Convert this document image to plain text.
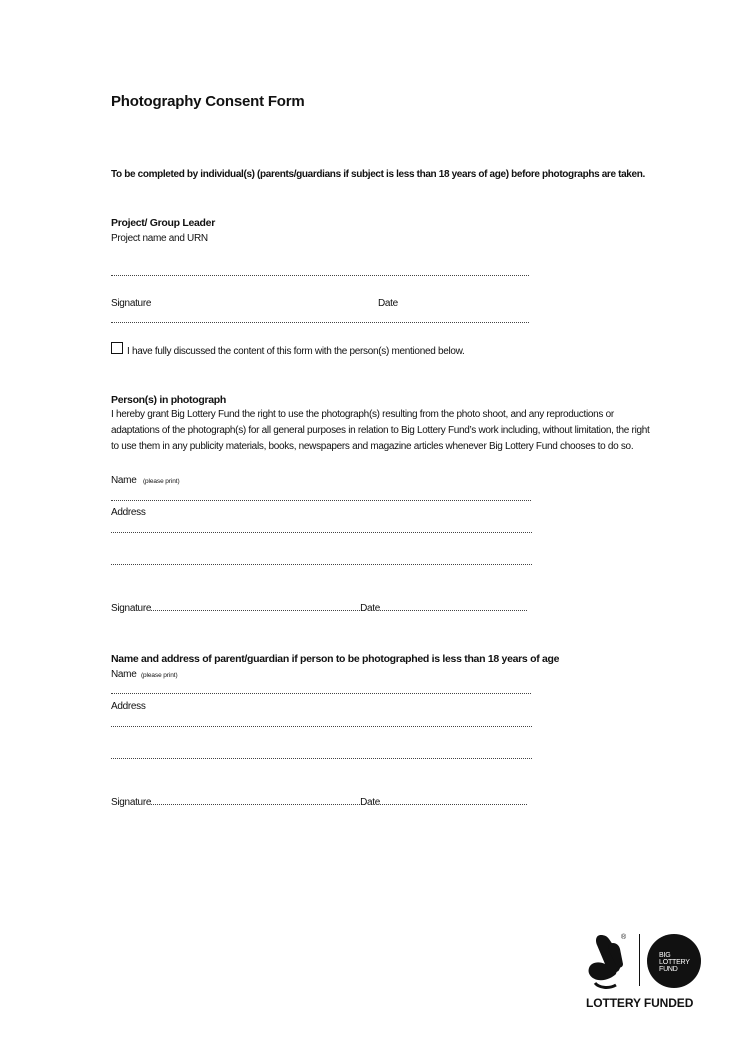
Photography Consent Form
To be completed by individual(s) (parents/guardians if subject is less than 18 years of age) before photographs are taken.
Project/ Group Leader
Project name and URN
Signature	Date
I have fully discussed the content of this form with the person(s) mentioned below.
Person(s) in photograph
I hereby grant Big Lottery Fund the right to use the photograph(s) resulting from the photo shoot, and any reproductions or
adaptations of the photograph(s) for all general purposes in relation to Big Lottery Fund’s work including, without limitation, the right
to use them in any publicity materials, books, newspapers and magazine articles whenever Big Lottery Fund chooses to do so.
Name (please print)
Address
Signature	Date
Name and address of parent/guardian if person to be photographed is less than 18 years of age
Name (please print)
Address
Signature	Date
®
BIG
LOTTERY
FUND
LOTTERY FUNDED
